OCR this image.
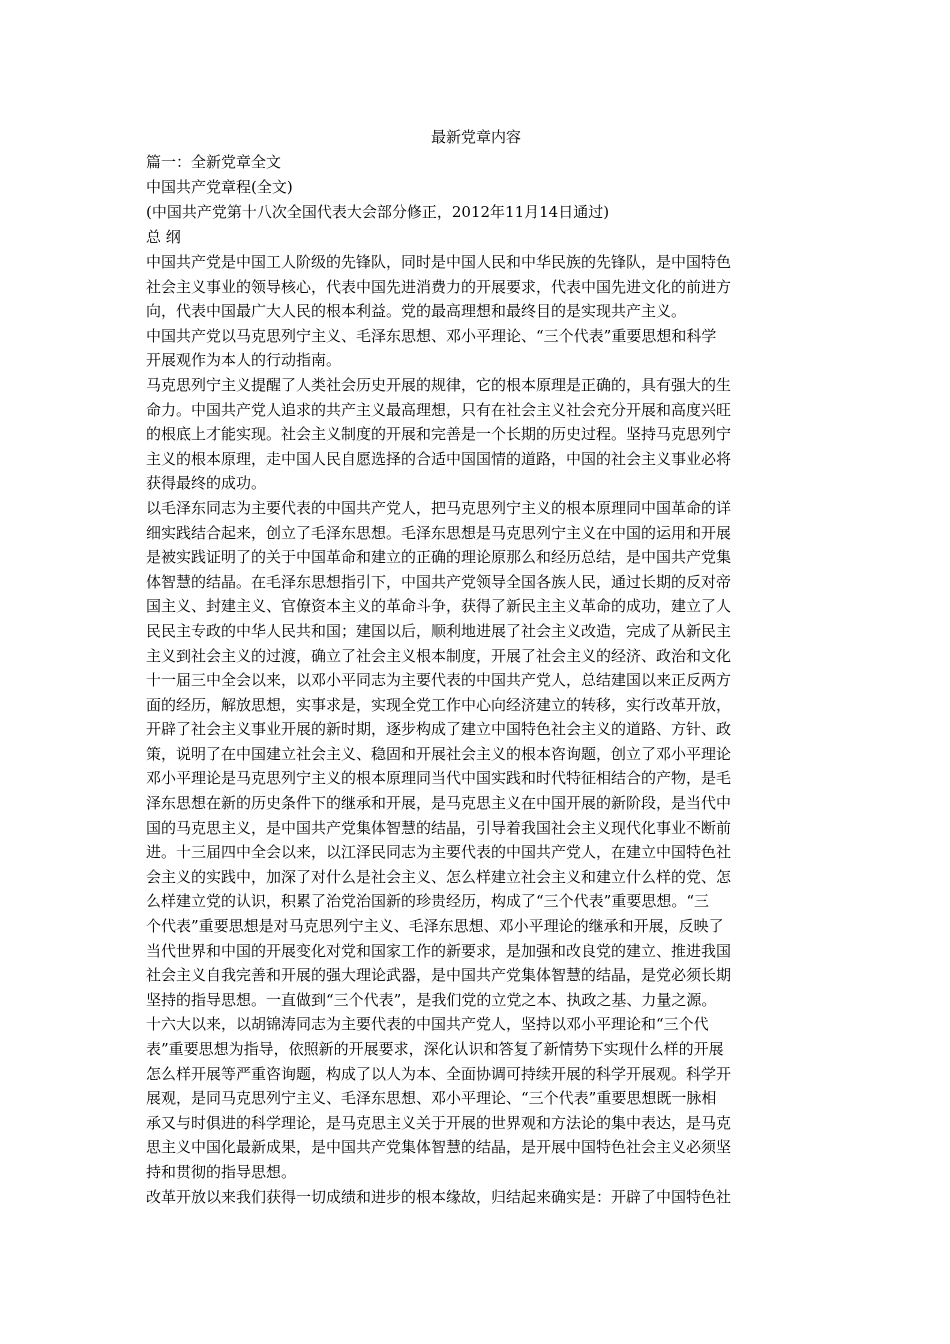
最新党章内容

篇一：全新党章全文

中国共产党章程(全文)

(中国共产党第十八次全国代表大会部分修正，2012年11月14日通过)

总 纲

中国共产党是中国工人阶级的先锋队，同时是中国人民和中华民族的先锋队，是中国特色
社会主义事业的领导核心，代表中国先进消费力的开展要求，代表中国先进文化的前进方
向，代表中国最广大人民的根本利益。党的最高理想和最终目的是实现共产主义。

中国共产党以马克思列宁主义、毛泽东思想、邓小平理论、“三个代表”重要思想和科学
开展观作为本人的行动指南。

马克思列宁主义提醒了人类社会历史开展的规律，它的根本原理是正确的，具有强大的生
命力。中国共产党人追求的共产主义最高理想，只有在社会主义社会充分开展和高度兴旺
的根底上才能实现。社会主义制度的开展和完善是一个长期的历史过程。坚持马克思列宁
主义的根本原理，走中国人民自愿选择的合适中国国情的道路，中国的社会主义事业必将
获得最终的成功。

以毛泽东同志为主要代表的中国共产党人，把马克思列宁主义的根本原理同中国革命的详
细实践结合起来，创立了毛泽东思想。毛泽东思想是马克思列宁主义在中国的运用和开展
是被实践证明了的关于中国革命和建立的正确的理论原那么和经历总结，是中国共产党集
体智慧的结晶。在毛泽东思想指引下，中国共产党领导全国各族人民，通过长期的反对帝
国主义、封建主义、官僚资本主义的革命斗争，获得了新民主主义革命的成功，建立了人
民民主专政的中华人民共和国；建国以后，顺利地进展了社会主义改造，完成了从新民主
主义到社会主义的过渡，确立了社会主义根本制度，开展了社会主义的经济、政治和文化
十一届三中全会以来，以邓小平同志为主要代表的中国共产党人，总结建国以来正反两方
面的经历，解放思想，实事求是，实现全党工作中心向经济建立的转移，实行改革开放，
开辟了社会主义事业开展的新时期，逐步构成了建立中国特色社会主义的道路、方针、政
策，说明了在中国建立社会主义、稳固和开展社会主义的根本咨询题，创立了邓小平理论
邓小平理论是马克思列宁主义的根本原理同当代中国实践和时代特征相结合的产物，是毛
泽东思想在新的历史条件下的继承和开展，是马克思主义在中国开展的新阶段，是当代中
国的马克思主义，是中国共产党集体智慧的结晶，引导着我国社会主义现代化事业不断前
进。十三届四中全会以来，以江泽民同志为主要代表的中国共产党人，在建立中国特色社
会主义的实践中，加深了对什么是社会主义、怎么样建立社会主义和建立什么样的党、怎
么样建立党的认识，积累了治党治国新的珍贵经历，构成了“三个代表”重要思想。“三
个代表”重要思想是对马克思列宁主义、毛泽东思想、邓小平理论的继承和开展，反映了
当代世界和中国的开展变化对党和国家工作的新要求，是加强和改良党的建立、推进我国
社会主义自我完善和开展的强大理论武器，是中国共产党集体智慧的结晶，是党必须长期
坚持的指导思想。一直做到“三个代表”，是我们党的立党之本、执政之基、力量之源。

十六大以来，以胡锦涛同志为主要代表的中国共产党人，坚持以邓小平理论和“三个代
表”重要思想为指导，依照新的开展要求，深化认识和答复了新情势下实现什么样的开展
怎么样开展等严重咨询题，构成了以人为本、全面协调可持续开展的科学开展观。科学开
展观，是同马克思列宁主义、毛泽东思想、邓小平理论、“三个代表”重要思想既一脉相
承又与时俱进的科学理论，是马克思主义关于开展的世界观和方法论的集中表达，是马克
思主义中国化最新成果，是中国共产党集体智慧的结晶，是开展中国特色社会主义必须坚
持和贯彻的指导思想。

改革开放以来我们获得一切成绩和进步的根本缘故，归结起来确实是：开辟了中国特色社
